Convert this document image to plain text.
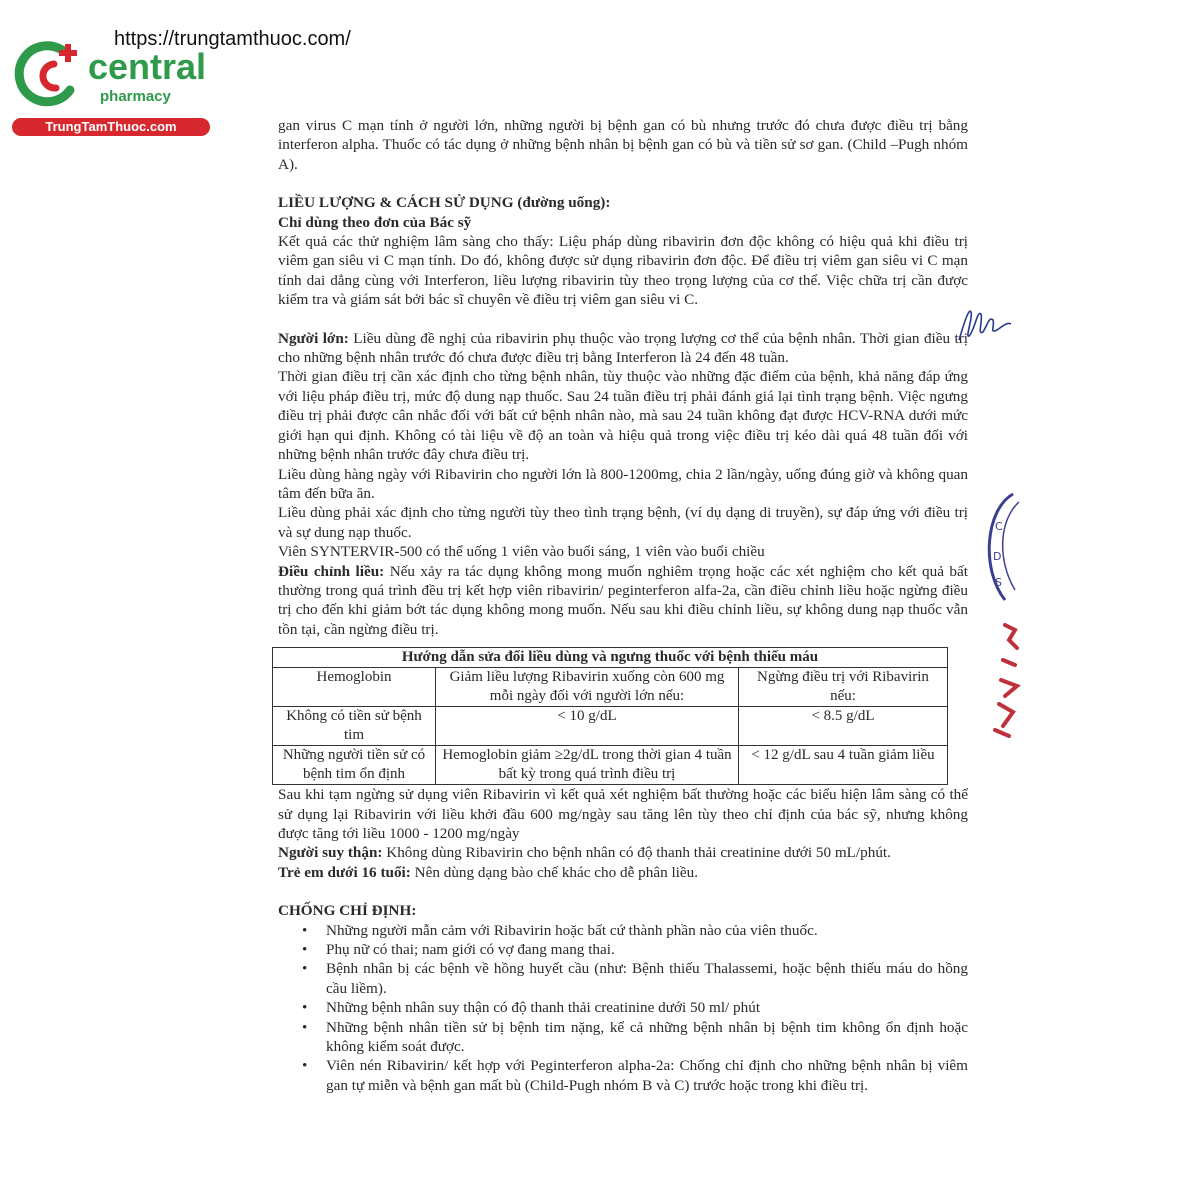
https://trungtamthuoc.com/
central
pharmacy
TrungTamThuoc.com	gan virus C mạn tính ở người lớn, những người bị bệnh gan có bù nhưng trước đó chưa được điều trị bằng interferon alpha. Thuốc có tác dụng ở những bệnh nhân bị bệnh gan có bù và tiền sử sơ gan. (Child –Pugh nhóm A).

LIỀU LƯỢNG & CÁCH SỬ DỤNG (đường uống):

Chỉ dùng theo đơn của Bác sỹ

Kết quả các thử nghiệm lâm sàng cho thấy: Liệu pháp dùng ribavirin đơn độc không có hiệu quả khi điều trị viêm gan siêu vi C mạn tính. Do đó, không được sử dụng ribavirin đơn độc. Để điều trị viêm gan siêu vi C mạn tính dai dẳng cùng với Interferon, liều lượng ribavirin tùy theo trọng lượng của cơ thể. Việc chữa trị cần được kiểm tra và giám sát bởi bác sĩ chuyên về điều trị viêm gan siêu vi C.

Người lớn: Liều dùng đề nghị của ribavirin phụ thuộc vào trọng lượng cơ thể của bệnh nhân. Thời gian điều trị cho những bệnh nhân trước đó chưa được điều trị bằng Interferon là 24 đến 48 tuần.

Thời gian điều trị cần xác định cho từng bệnh nhân, tùy thuộc vào những đặc điểm của bệnh, khả năng đáp ứng với liệu pháp điều trị, mức độ dung nạp thuốc. Sau 24 tuần điều trị phải đánh giá lại tình trạng bệnh. Việc ngưng điều trị phải được cân nhắc đối với bất cứ bệnh nhân nào, mà sau 24 tuần không đạt được HCV-RNA dưới mức giới hạn qui định. Không có tài liệu về độ an toàn và hiệu quả trong việc điều trị kéo dài quá 48 tuần đối với những bệnh nhân trước đây chưa điều trị.

Liều dùng hàng ngày với Ribavirin cho người lớn là 800-1200mg, chia 2 lần/ngày, uống đúng giờ và không quan tâm đến bữa ăn.

Liều dùng phải xác định cho từng người tùy theo tình trạng bệnh, (ví dụ dạng di truyền), sự đáp ứng với điều trị và sự dung nạp thuốc.

Viên SYNTERVIR-500 có thể uống 1 viên vào buổi sáng, 1 viên vào buổi chiều

Điều chỉnh liều: Nếu xảy ra tác dụng không mong muốn nghiêm trọng hoặc các xét nghiệm cho kết quả bất thường trong quá trình đều trị kết hợp viên ribavirin/ peginterferon alfa-2a, cần điều chỉnh liều hoặc ngừng điều trị cho đến khi giảm bớt tác dụng không mong muốn. Nếu sau khi điều chỉnh liều, sự không dung nạp thuốc vẫn tồn tại, cần ngừng điều trị.

Hướng dẫn sửa đổi liều dùng và ngưng thuốc với bệnh thiếu máu		
Hemoglobin	Giảm liều lượng Ribavirin xuống còn 600 mg mỗi ngày đối với người lớn nếu:	Ngừng điều trị với Ribavirin nếu:
Không có tiền sử bệnh tim	< 10 g/dL	< 8.5 g/dL
Những người tiền sử có bệnh tim ổn định	Hemoglobin giảm ≥2g/dL trong thời gian 4 tuần bất kỳ trong quá trình điều trị	< 12 g/dL sau 4 tuần giảm liều

Sau khi tạm ngừng sử dụng viên Ribavirin vì kết quả xét nghiệm bất thường hoặc các biểu hiện lâm sàng có thể sử dụng lại Ribavirin với liều khởi đầu 600 mg/ngày sau tăng lên tùy theo chỉ định của bác sỹ, nhưng không được tăng tới liều 1000 - 1200 mg/ngày

Người suy thận: Không dùng Ribavirin cho bệnh nhân có độ thanh thải creatinine dưới 50 mL/phút.

Trẻ em dưới 16 tuổi: Nên dùng dạng bào chế khác cho dễ phân liều.

CHỐNG CHỈ ĐỊNH:

• Những người mẫn cảm với Ribavirin hoặc bất cứ thành phần nào của viên thuốc.
• Phụ nữ có thai; nam giới có vợ đang mang thai.
• Bệnh nhân bị các bệnh về hồng huyết cầu (như: Bệnh thiếu Thalassemi, hoặc bệnh thiếu máu do hồng cầu liềm).
• Những bệnh nhân suy thận có độ thanh thải creatinine dưới 50 ml/ phút
• Những bệnh nhân tiền sử bị bệnh tim nặng, kể cả những bệnh nhân bị bệnh tim không ổn định hoặc không kiểm soát được.
• Viên nén Ribavirin/ kết hợp với Peginterferon alpha-2a: Chống chỉ định cho những bệnh nhân bị viêm gan tự miễn và bệnh gan mất bù (Child-Pugh nhóm B và C) trước hoặc trong khi điều trị.
C
D
S
